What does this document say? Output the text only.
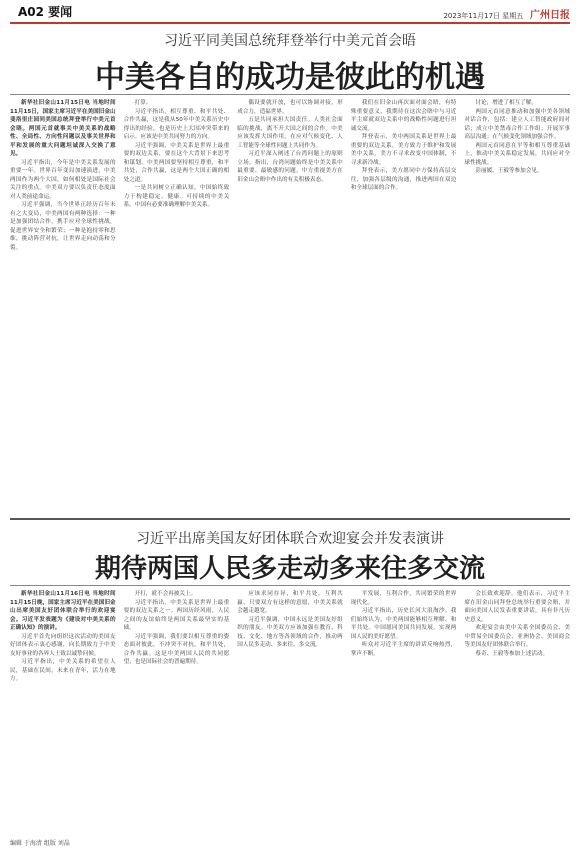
A02 要闻	2023年11月17日 星期五 广州日报
习近平同美国总统拜登举行中美元首会晤
中美各自的成功是彼此的机遇

新华社旧金山11月15日电 当地时间11月15日，国家主席习近平在美国旧金山斐洛里庄园同美国总统拜登举行中美元首会晤。两国元首就事关中美关系的战略性、全局性、方向性问题以及事关世界和平和发展的重大问题坦诚深入交换了意见。

习近平指出，今年是中美关系发展的重要一年。世界百年变局加速演进，中美两国作为两个大国，如何相处是国际社会关注的重点。中美双方要以负责任态度面对人类前途命运。

习近平强调，当今世界正经历百年未有之大变局，中美两国有两种选择：一种是加强团结合作，携手应对全球性挑战，促进世界安全和繁荣；一种是抱持零和思维，挑动阵营对抗，让世界走向动荡和分裂。

打算。

习近平指出，相互尊重、和平共处、合作共赢，这是我从50年中美关系历史中得出的经验，也是历史上大国冲突带来的启示。应该是中美共同努力的方向。

习近平强调，中美关系是世界上最重要的双边关系，要在这个大背景下来思考和谋划。中美两国要坚持相互尊重，和平共处，合作共赢，这是两个大国正确的相处之道。

一是共同树立正确认知。中国始终致力于构建稳定、健康、可持续的中美关系。中国有必要准确理解中美关系。

偶设要就开放，也可以协调对接，形成合力，造福世界。

五是共同承担大国责任。人类社会面临的挑战，离不开大国之间的合作。中美应该发挥大国作用，在应对气候变化、人工智能等全球性问题上共同作为。

习近平深入阐述了台湾问题上的原则立场，指出，台湾问题始终是中美关系中最重要、最敏感的问题。中方重视美方在旧金山会晤中作出的有关积极表态。

我们在旧金山再次面对面会晤，有特殊重要意义，我期待在这次会晤中与习近平主席就双边关系中的战略性问题进行坦诚交流。

拜登表示，美中两国关系是世界上最重要的双边关系，美方致力于维护和发展美中关系，美方不寻求改变中国体制，不寻求新冷战。

拜登表示，美方愿同中方保持高层交往，加强各层级的沟通，推进两国在双边和全球层面的合作。

讨论，增进了相互了解。

两国元首同意推动和加强中美各领域对话合作，包括：建立人工智能政府间对话；成立中美禁毒合作工作组；开展军事高层沟通；在气候变化领域加强合作。

两国元首同意在平等和相互尊重基础上，推动中美关系稳定发展，共同应对全球性挑战。

彭丽媛、王毅等参加会见。

习近平出席美国友好团体联合欢迎宴会并发表演讲
期待两国人民多走动多来往多交流

新华社旧金山11月16日电 当地时间11月15日晚，国家主席习近平在美国旧金山出席美国友好团体联合举行的欢迎宴会。习近平发表题为《建设对中美关系的正确认知》的演讲。

习近平首先向组织这次活动的美国友好团体表示衷心感谢，向长期致力于中美友好事业的各界人士致以诚挚问候。

习近平指出，中美关系的希望在人民，基础在民间，未来在青年，活力在地方。

开打，就不会再被关上。

习近平指出，中美关系是世界上最重要的双边关系之一。两国历经风雨，人民之间的友谊始终是两国关系最坚实的基础。

习近平强调，我们要以相互尊重的姿态面对彼此，不冲突不对抗，和平共处，合作共赢。这是中美两国人民的共同愿望，也是国际社会的普遍期待。

应该求同存异，和平共处，互利共赢。只要双方有这样的意愿，中美关系就会越走越宽。

习近平强调，中国永远是美国友好组织的朋友。中美双方应该加强在教育、科技、文化、地方等各领域的合作，推动两国人民多走动、多来往、多交流。

平发展，互利合作，共同繁荣的世界现代化。

习近平指出，历史长河大浪淘沙。我们始终认为，中美两国能够相互理解、和平共处。中国愿同美国共同发展，实现两国人民的美好愿望。

听众对习近平主席的讲话反响热烈，掌声不断。

会长致欢迎辞。他们表示，习近平主席在旧金山同拜登总统举行重要会晤，并面向美国人民发表重要讲话，具有非凡历史意义。

欢迎宴会由美中关系全国委员会、美中贸易全国委员会、亚洲协会、美国商会等美国友好团体联合举行。

蔡奇、王毅等参加上述活动。

编辑 于海清 组版 刘晶
